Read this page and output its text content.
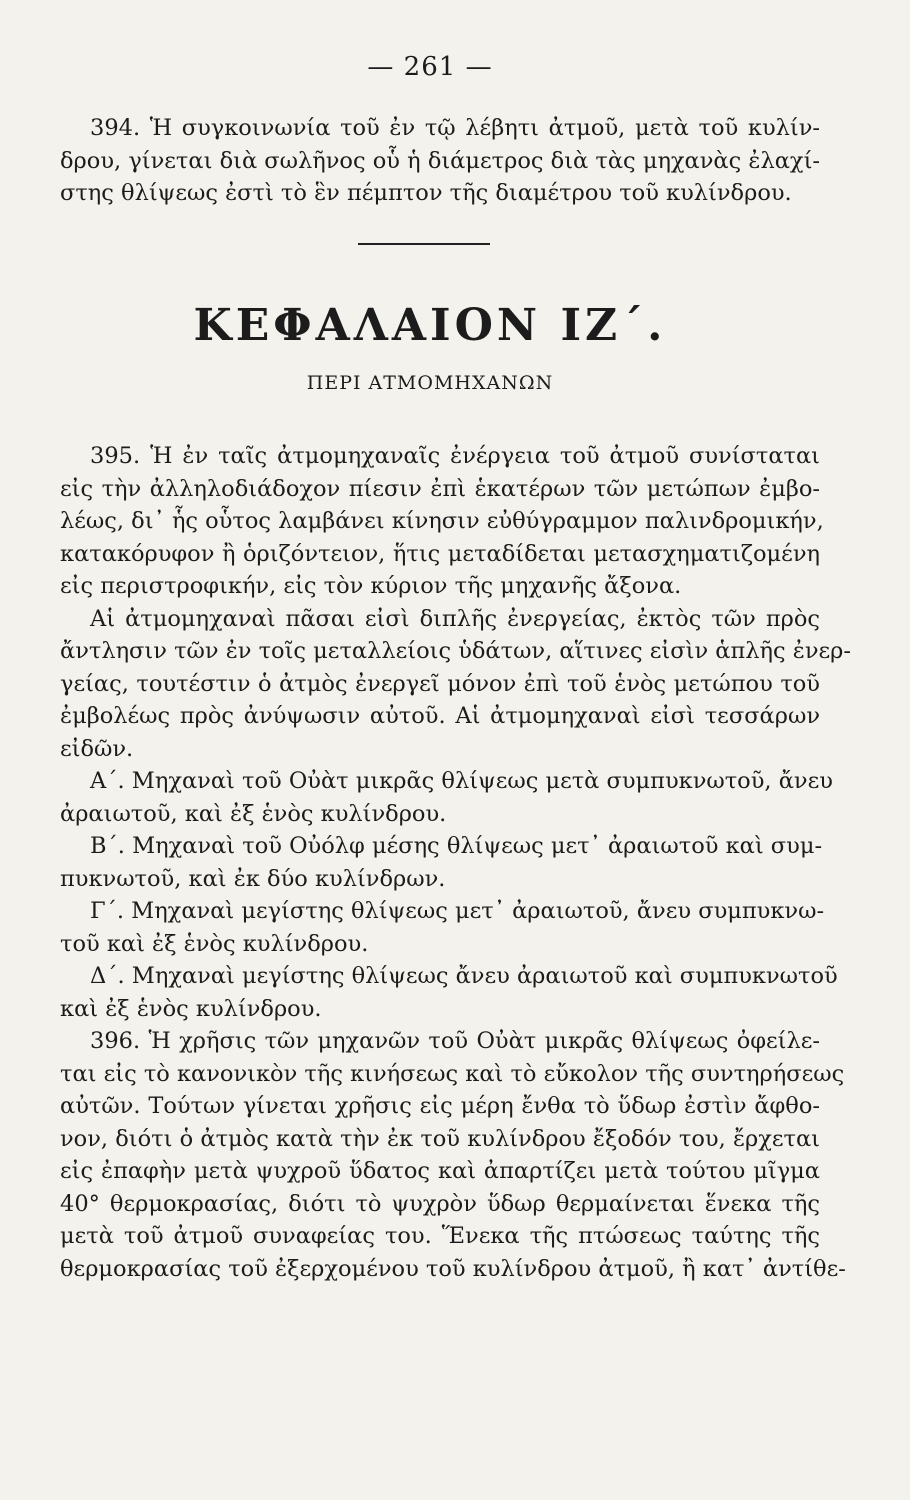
— 261 —
394. Ἡ συγκοινωνία τοῦ ἐν τῷ λέβητι ἀτμοῦ, μετὰ τοῦ κυλίν-
δρου, γίνεται διὰ σωλῆνος οὗ ἡ διάμετρος διὰ τὰς μηχανὰς ἐλαχί-
στης θλίψεως ἐστὶ τὸ ἓν πέμπτον τῆς διαμέτρου τοῦ κυλίνδρου.
ΚΕΦΑΛΑΙΟΝ ΙΖ΄.
ΠΕΡΙ ΑΤΜΟΜΗΧΑΝΩΝ
395. Ἡ ἐν ταῖς ἀτμομηχαναῖς ἐνέργεια τοῦ ἀτμοῦ συνίσταται
εἰς τὴν ἀλληλοδιάδοχον πίεσιν ἐπὶ ἑκατέρων τῶν μετώπων ἐμβο-
λέως, δι᾽ ἧς οὗτος λαμβάνει κίνησιν εὐθύγραμμον παλινδρομικήν,
κατακόρυφον ἢ ὁριζόντειον, ἥτις μεταδίδεται μετασχηματιζομένη
εἰς περιστροφικήν, εἰς τὸν κύριον τῆς μηχανῆς ἄξονα.
Αἱ ἀτμομηχαναὶ πᾶσαι εἰσὶ διπλῆς ἐνεργείας, ἐκτὸς τῶν πρὸς
ἄντλησιν τῶν ἐν τοῖς μεταλλείοις ὑδάτων, αἵτινες εἰσὶν ἁπλῆς ἐνερ-
γείας, τουτέστιν ὁ ἀτμὸς ἐνεργεῖ μόνον ἐπὶ τοῦ ἑνὸς μετώπου τοῦ
ἐμβολέως πρὸς ἀνύψωσιν αὐτοῦ. Αἱ ἀτμομηχαναὶ εἰσὶ τεσσάρων
εἰδῶν.
Α΄. Μηχαναὶ τοῦ Οὐὰτ μικρᾶς θλίψεως μετὰ συμπυκνωτοῦ, ἄνευ
ἀραιωτοῦ, καὶ ἐξ ἑνὸς κυλίνδρου.
Β΄. Μηχαναὶ τοῦ Οὐόλφ μέσης θλίψεως μετ᾽ ἀραιωτοῦ καὶ συμ-
πυκνωτοῦ, καὶ ἐκ δύο κυλίνδρων.
Γ΄. Μηχαναὶ μεγίστης θλίψεως μετ᾽ ἀραιωτοῦ, ἄνευ συμπυκνω-
τοῦ καὶ ἐξ ἑνὸς κυλίνδρου.
Δ΄. Μηχαναὶ μεγίστης θλίψεως ἄνευ ἀραιωτοῦ καὶ συμπυκνωτοῦ
καὶ ἐξ ἑνὸς κυλίνδρου.
396. Ἡ χρῆσις τῶν μηχανῶν τοῦ Οὐὰτ μικρᾶς θλίψεως ὀφείλε-
ται εἰς τὸ κανονικὸν τῆς κινήσεως καὶ τὸ εὔκολον τῆς συντηρήσεως
αὐτῶν. Τούτων γίνεται χρῆσις εἰς μέρη ἔνθα τὸ ὕδωρ ἐστὶν ἄφθο-
νον, διότι ὁ ἀτμὸς κατὰ τὴν ἐκ τοῦ κυλίνδρου ἔξοδόν του, ἔρχεται
εἰς ἐπαφὴν μετὰ ψυχροῦ ὕδατος καὶ ἀπαρτίζει μετὰ τούτου μῖγμα
40° θερμοκρασίας, διότι τὸ ψυχρὸν ὕδωρ θερμαίνεται ἕνεκα τῆς
μετὰ τοῦ ἀτμοῦ συναφείας του. Ἕνεκα τῆς πτώσεως ταύτης τῆς
θερμοκρασίας τοῦ ἐξερχομένου τοῦ κυλίνδρου ἀτμοῦ, ἢ κατ᾽ ἀντίθε-
